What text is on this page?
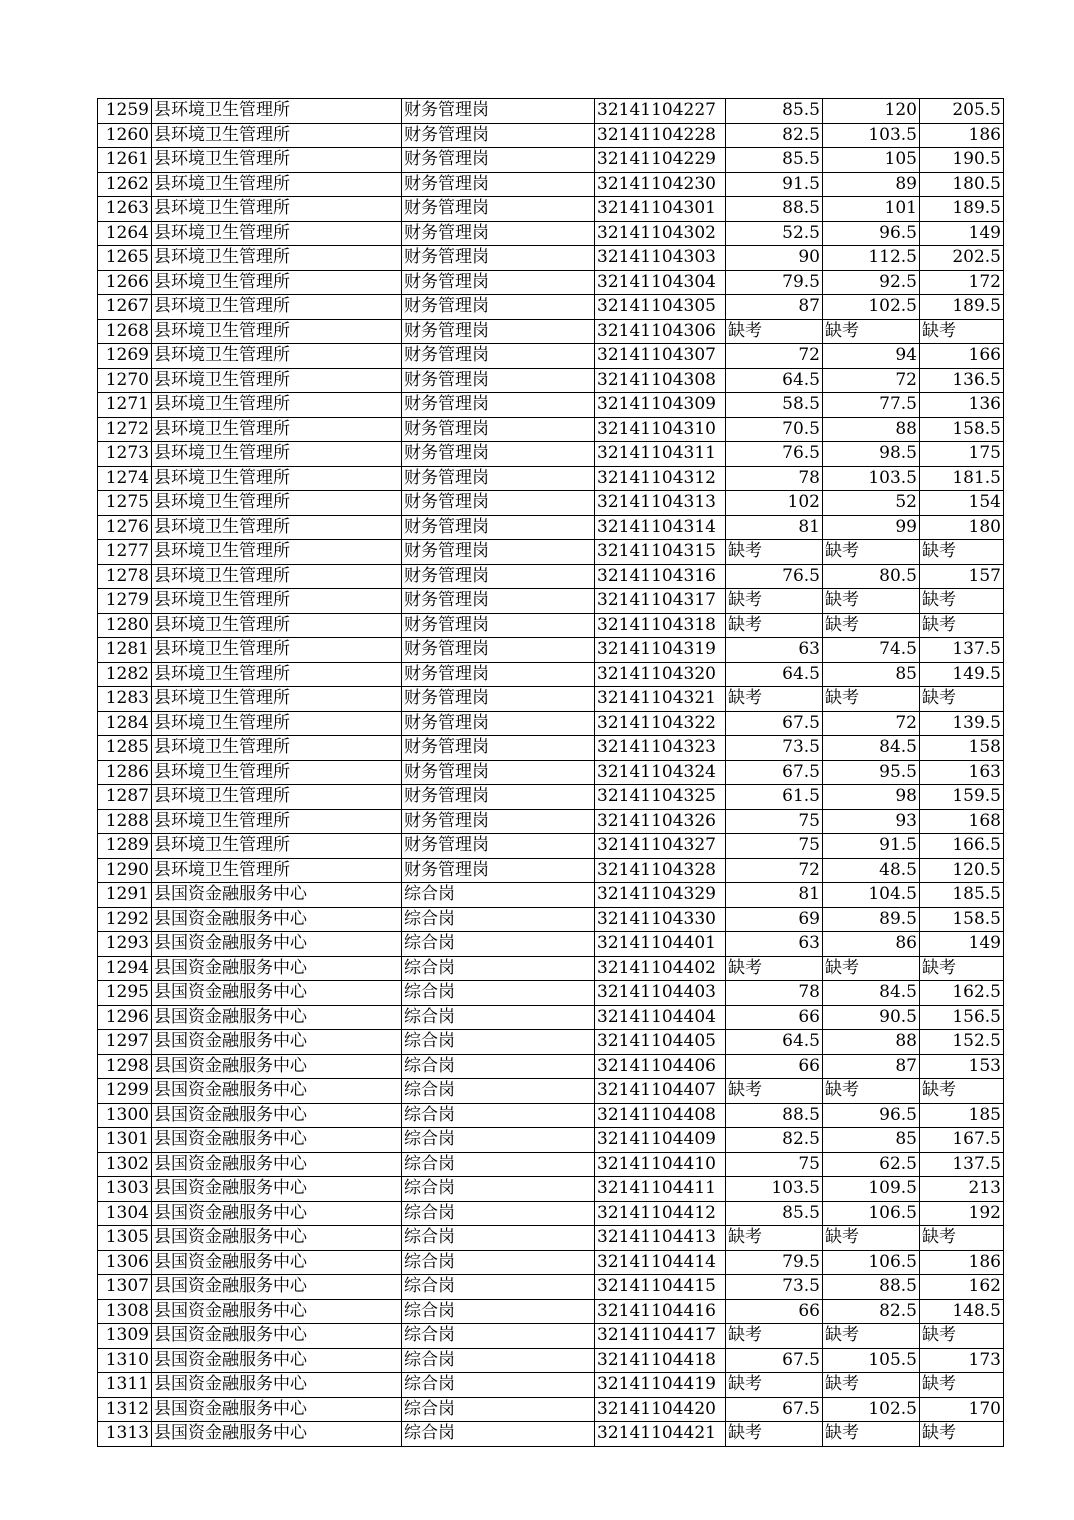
1259	县环境卫生管理所	财务管理岗	32141104227	85.5	120	205.5
1260	县环境卫生管理所	财务管理岗	32141104228	82.5	103.5	186
1261	县环境卫生管理所	财务管理岗	32141104229	85.5	105	190.5
1262	县环境卫生管理所	财务管理岗	32141104230	91.5	89	180.5
1263	县环境卫生管理所	财务管理岗	32141104301	88.5	101	189.5
1264	县环境卫生管理所	财务管理岗	32141104302	52.5	96.5	149
1265	县环境卫生管理所	财务管理岗	32141104303	90	112.5	202.5
1266	县环境卫生管理所	财务管理岗	32141104304	79.5	92.5	172
1267	县环境卫生管理所	财务管理岗	32141104305	87	102.5	189.5
1268	县环境卫生管理所	财务管理岗	32141104306	缺考	缺考	缺考
1269	县环境卫生管理所	财务管理岗	32141104307	72	94	166
1270	县环境卫生管理所	财务管理岗	32141104308	64.5	72	136.5
1271	县环境卫生管理所	财务管理岗	32141104309	58.5	77.5	136
1272	县环境卫生管理所	财务管理岗	32141104310	70.5	88	158.5
1273	县环境卫生管理所	财务管理岗	32141104311	76.5	98.5	175
1274	县环境卫生管理所	财务管理岗	32141104312	78	103.5	181.5
1275	县环境卫生管理所	财务管理岗	32141104313	102	52	154
1276	县环境卫生管理所	财务管理岗	32141104314	81	99	180
1277	县环境卫生管理所	财务管理岗	32141104315	缺考	缺考	缺考
1278	县环境卫生管理所	财务管理岗	32141104316	76.5	80.5	157
1279	县环境卫生管理所	财务管理岗	32141104317	缺考	缺考	缺考
1280	县环境卫生管理所	财务管理岗	32141104318	缺考	缺考	缺考
1281	县环境卫生管理所	财务管理岗	32141104319	63	74.5	137.5
1282	县环境卫生管理所	财务管理岗	32141104320	64.5	85	149.5
1283	县环境卫生管理所	财务管理岗	32141104321	缺考	缺考	缺考
1284	县环境卫生管理所	财务管理岗	32141104322	67.5	72	139.5
1285	县环境卫生管理所	财务管理岗	32141104323	73.5	84.5	158
1286	县环境卫生管理所	财务管理岗	32141104324	67.5	95.5	163
1287	县环境卫生管理所	财务管理岗	32141104325	61.5	98	159.5
1288	县环境卫生管理所	财务管理岗	32141104326	75	93	168
1289	县环境卫生管理所	财务管理岗	32141104327	75	91.5	166.5
1290	县环境卫生管理所	财务管理岗	32141104328	72	48.5	120.5
1291	县国资金融服务中心	综合岗	32141104329	81	104.5	185.5
1292	县国资金融服务中心	综合岗	32141104330	69	89.5	158.5
1293	县国资金融服务中心	综合岗	32141104401	63	86	149
1294	县国资金融服务中心	综合岗	32141104402	缺考	缺考	缺考
1295	县国资金融服务中心	综合岗	32141104403	78	84.5	162.5
1296	县国资金融服务中心	综合岗	32141104404	66	90.5	156.5
1297	县国资金融服务中心	综合岗	32141104405	64.5	88	152.5
1298	县国资金融服务中心	综合岗	32141104406	66	87	153
1299	县国资金融服务中心	综合岗	32141104407	缺考	缺考	缺考
1300	县国资金融服务中心	综合岗	32141104408	88.5	96.5	185
1301	县国资金融服务中心	综合岗	32141104409	82.5	85	167.5
1302	县国资金融服务中心	综合岗	32141104410	75	62.5	137.5
1303	县国资金融服务中心	综合岗	32141104411	103.5	109.5	213
1304	县国资金融服务中心	综合岗	32141104412	85.5	106.5	192
1305	县国资金融服务中心	综合岗	32141104413	缺考	缺考	缺考
1306	县国资金融服务中心	综合岗	32141104414	79.5	106.5	186
1307	县国资金融服务中心	综合岗	32141104415	73.5	88.5	162
1308	县国资金融服务中心	综合岗	32141104416	66	82.5	148.5
1309	县国资金融服务中心	综合岗	32141104417	缺考	缺考	缺考
1310	县国资金融服务中心	综合岗	32141104418	67.5	105.5	173
1311	县国资金融服务中心	综合岗	32141104419	缺考	缺考	缺考
1312	县国资金融服务中心	综合岗	32141104420	67.5	102.5	170
1313	县国资金融服务中心	综合岗	32141104421	缺考	缺考	缺考
